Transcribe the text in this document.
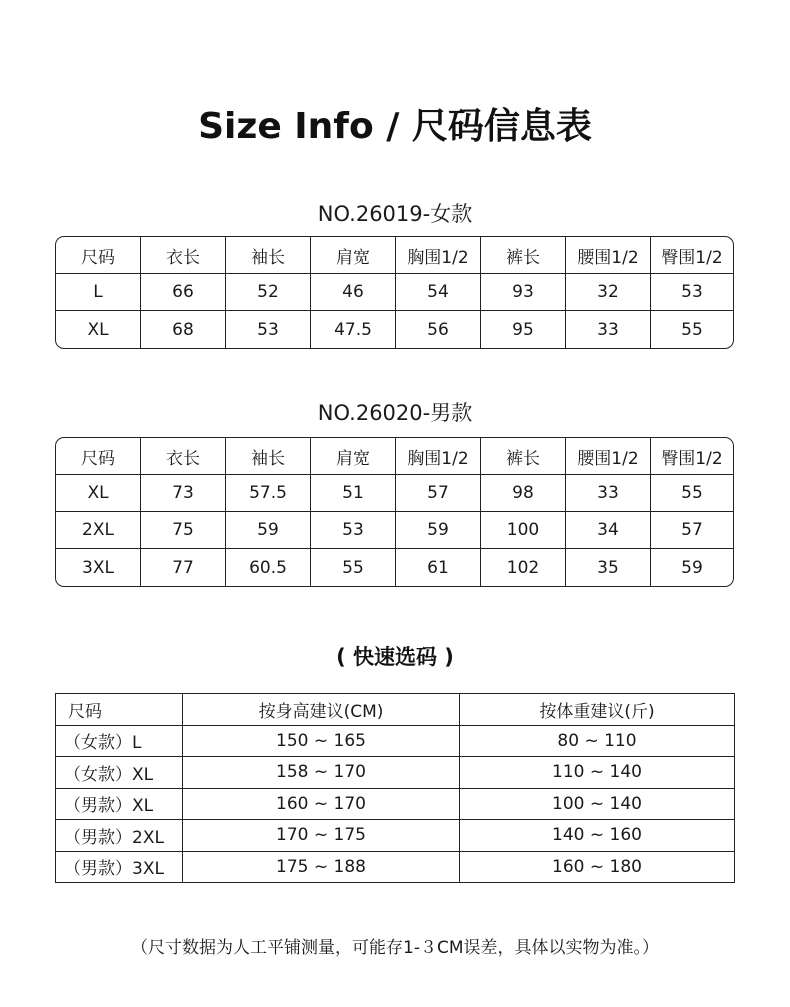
Size Info / 尺码信息表
NO.26019-女款
尺码	衣长	袖长	肩宽	胸围1/2	裤长	腰围1/2	臀围1/2
L	66	52	46	54	93	32	53
XL	68	53	47.5	56	95	33	55
NO.26020-男款
尺码	衣长	袖长	肩宽	胸围1/2	裤长	腰围1/2	臀围1/2
XL	73	57.5	51	57	98	33	55
2XL	75	59	53	59	100	34	57
3XL	77	60.5	55	61	102	35	59
( 快速选码 )
尺码	按身高建议(CM)	按体重建议(斤)
（女款）L	150 ~ 165	80 ~ 110
（女款）XL	158 ~ 170	110 ~ 140
（男款）XL	160 ~ 170	100 ~ 140
（男款）2XL	170 ~ 175	140 ~ 160
（男款）3XL	175 ~ 188	160 ~ 180
（尺寸数据为人工平铺测量，可能存1-３CM误差，具体以实物为准。）
